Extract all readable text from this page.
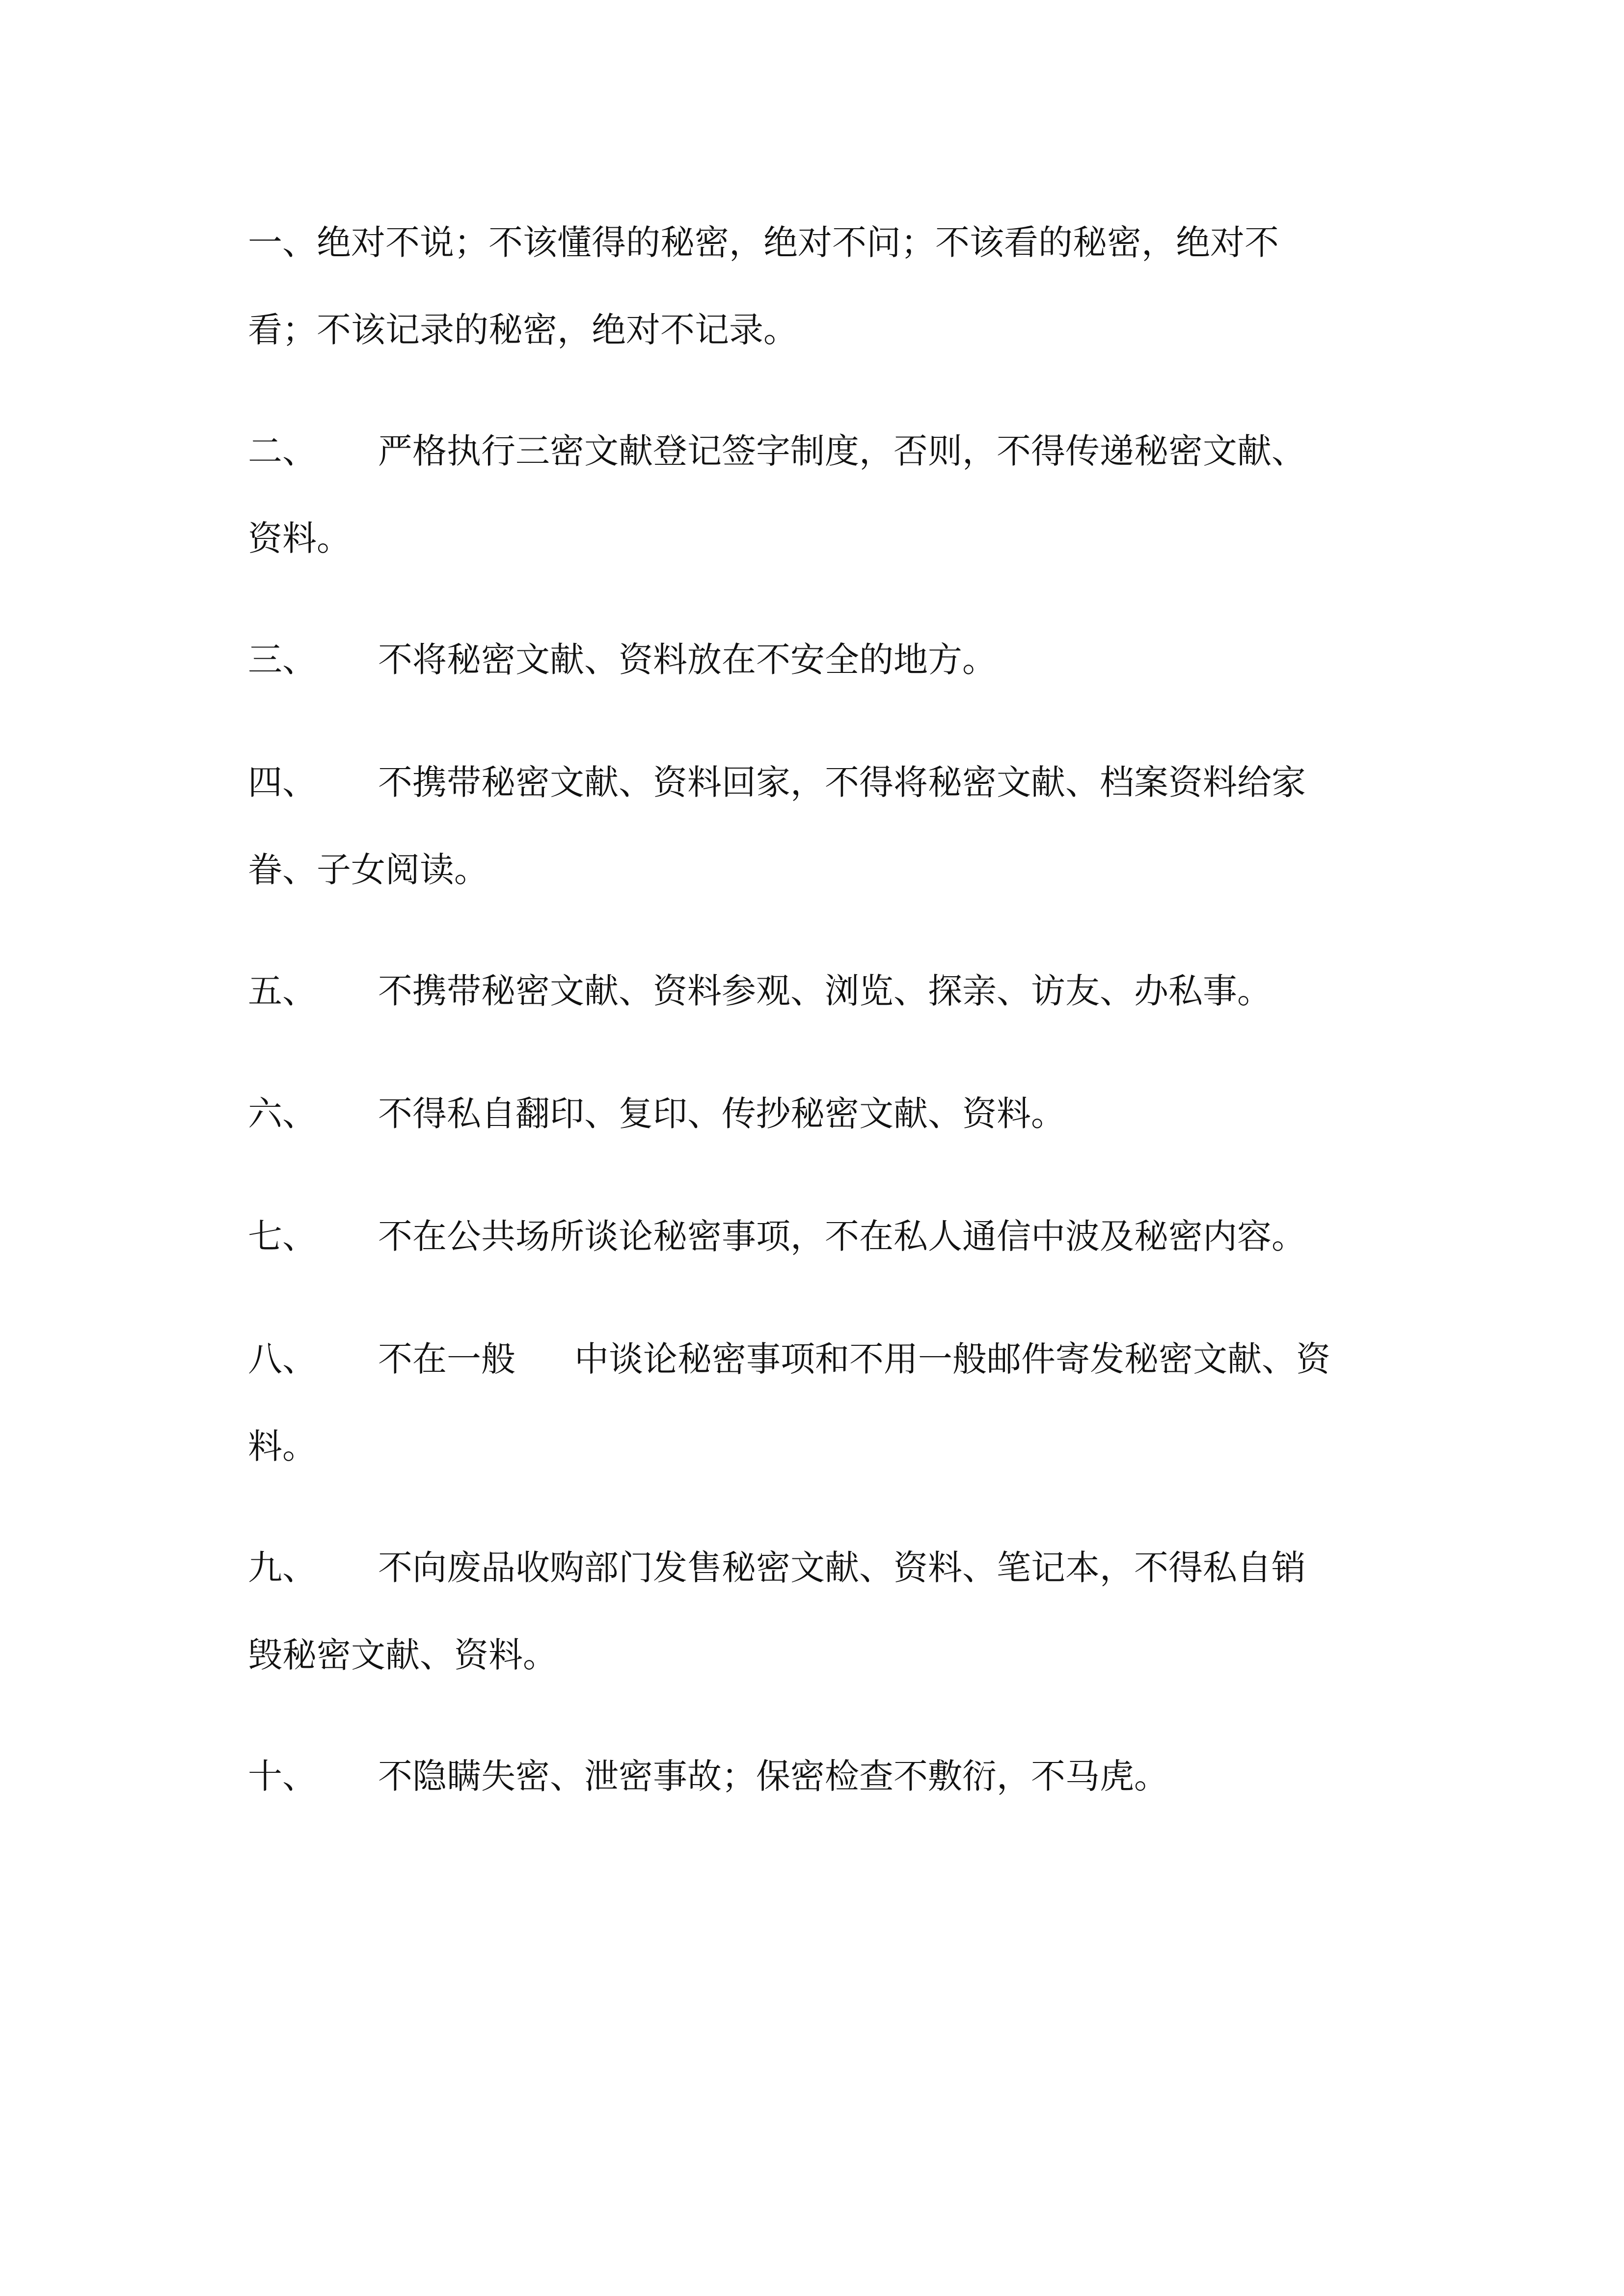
一、绝对不说；不该懂得的秘密，绝对不问；不该看的秘密，绝对不
看；不该记录的秘密，绝对不记录。
二、 严格执行三密文献登记签字制度，否则，不得传递秘密文献、
资料。
三、 不将秘密文献、资料放在不安全的地方。
四、 不携带秘密文献、资料回家，不得将秘密文献、档案资料给家
眷、子女阅读。
五、 不携带秘密文献、资料参观、浏览、探亲、访友、办私事。
六、 不得私自翻印、复印、传抄秘密文献、资料。
七、 不在公共场所谈论秘密事项，不在私人通信中波及秘密内容。
八、 不在一般 中谈论秘密事项和不用一般邮件寄发秘密文献、资
料。
九、 不向废品收购部门发售秘密文献、资料、笔记本，不得私自销
毁秘密文献、资料。
十、 不隐瞒失密、泄密事故；保密检查不敷衍，不马虎。
